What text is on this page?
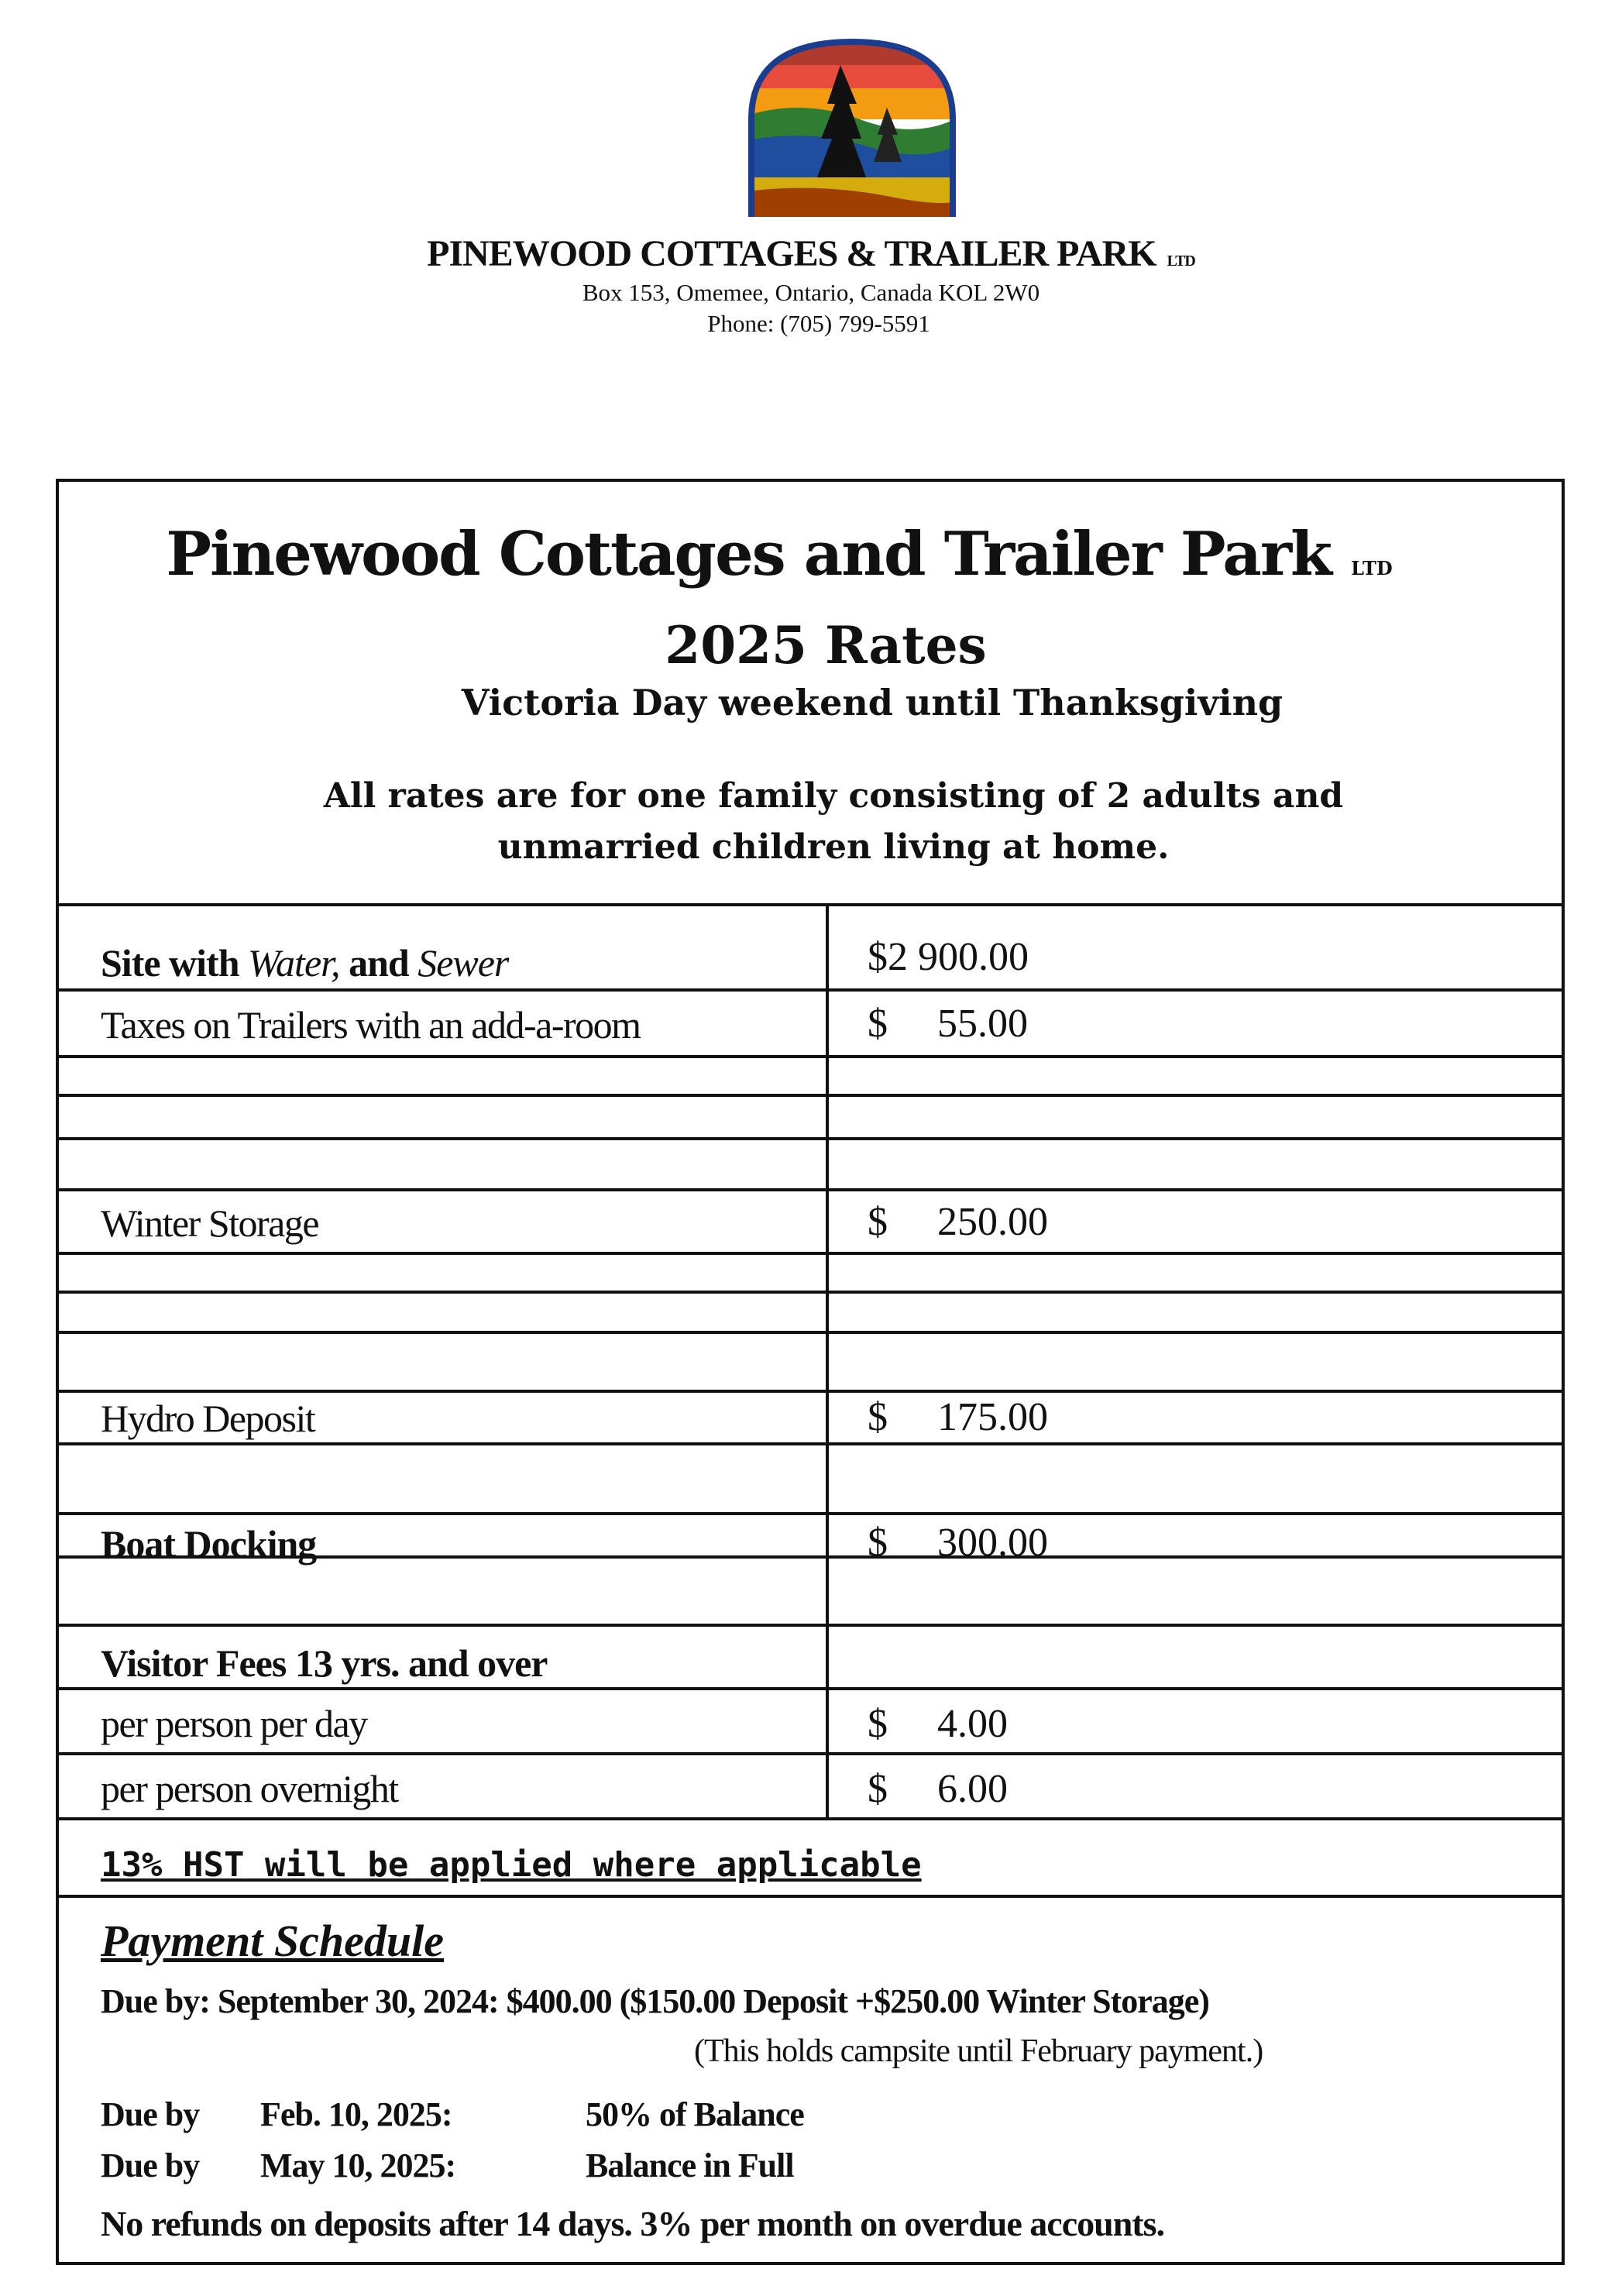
PINEWOOD COTTAGES & TRAILER PARK LTD
Box 153, Omemee, Ontario, Canada KOL 2W0
Phone: (705) 799-5591
Pinewood Cottages and Trailer Park LTD
2025 Rates
Victoria Day weekend until Thanksgiving
All rates are for one family consisting of 2 adults and
unmarried children living at home.
Site with Water, and Sewer	$2 900.00
Taxes on Trailers with an add-a-room	$ 55.00
Winter Storage	$ 250.00
Hydro Deposit	$ 175.00
Boat Docking	$ 300.00
Visitor Fees 13 yrs. and over
per person per day	$ 4.00
per person overnight	$ 6.00
13% HST will be applied where applicable
Payment Schedule
Due by: September 30, 2024: $400.00 ($150.00 Deposit +$250.00 Winter Storage)
(This holds campsite until February payment.)
Due by Feb. 10, 2025:	50% of Balance
Due by May 10, 2025:	Balance in Full
No refunds on deposits after 14 days. 3% per month on overdue accounts.
